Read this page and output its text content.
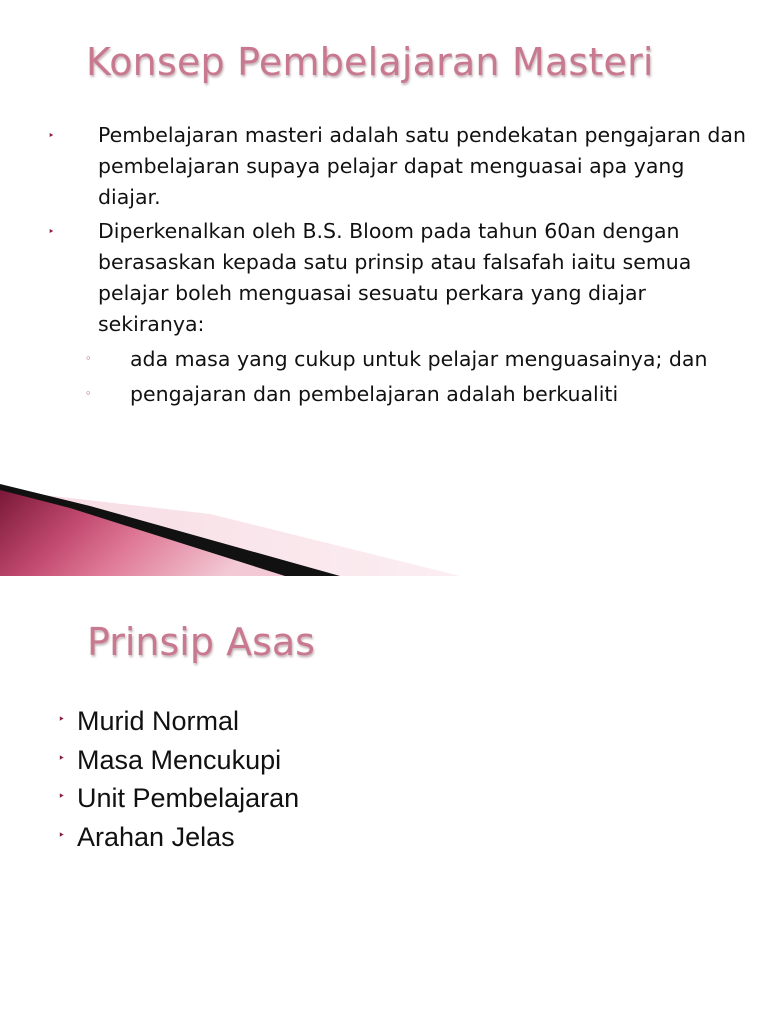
Konsep Pembelajaran Masteri
‣ Pembelajaran masteri adalah satu pendekatan pengajaran dan pembelajaran supaya pelajar dapat menguasai apa yang diajar.
‣ Diperkenalkan oleh B.S. Bloom pada tahun 60an dengan berasaskan kepada satu prinsip atau falsafah iaitu semua pelajar boleh menguasai sesuatu perkara yang diajar sekiranya:
◦ ada masa yang cukup untuk pelajar menguasainya; dan
◦ pengajaran dan pembelajaran adalah berkualiti
Prinsip Asas
‣ Murid Normal
‣ Masa Mencukupi
‣ Unit Pembelajaran
‣ Arahan Jelas
